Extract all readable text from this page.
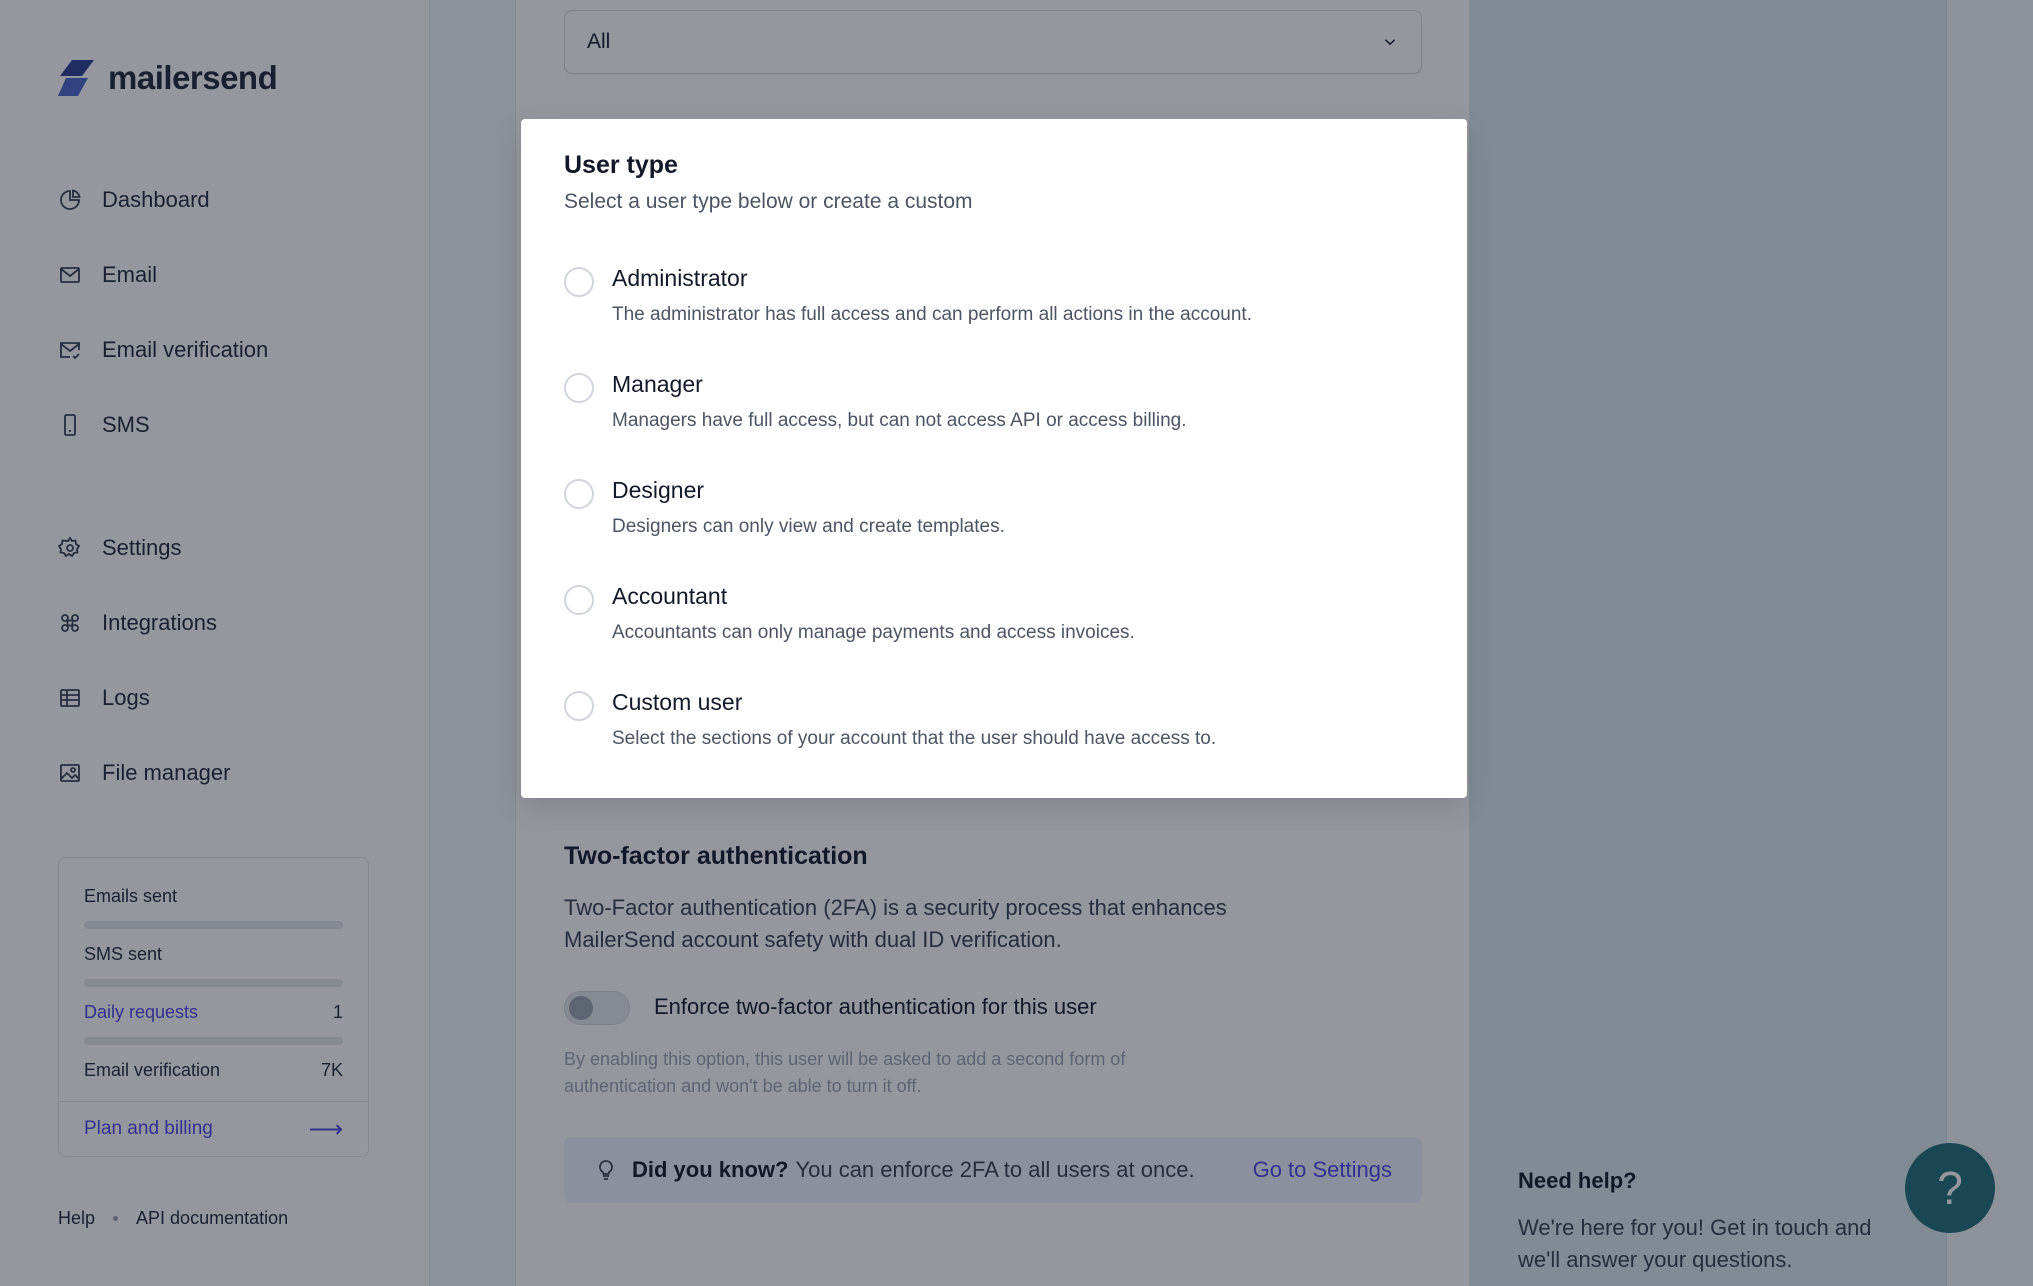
mailersend
Dashboard
Email
Email verification
SMS
Settings
Integrations
Logs
File manager
Emails sent
SMS sent
Daily requests	1
Email verification	7K
Plan and billing	⟶
Help API documentation
All
Two-factor authentication
Two-Factor authentication (2FA) is a security process that enhances MailerSend account safety with dual ID verification.
Enforce two-factor authentication for this user
By enabling this option, this user will be asked to add a second form of authentication and won't be able to turn it off.
Did you know? You can enforce 2FA to all users at once.	Go to Settings	Need help?
We're here for you! Get in touch and we'll answer your questions.
?
User type
Select a user type below or create a custom
Administrator
The administrator has full access and can perform all actions in the account.
Manager
Managers have full access, but can not access API or access billing.
Designer
Designers can only view and create templates.
Accountant
Accountants can only manage payments and access invoices.
Custom user
Select the sections of your account that the user should have access to.
